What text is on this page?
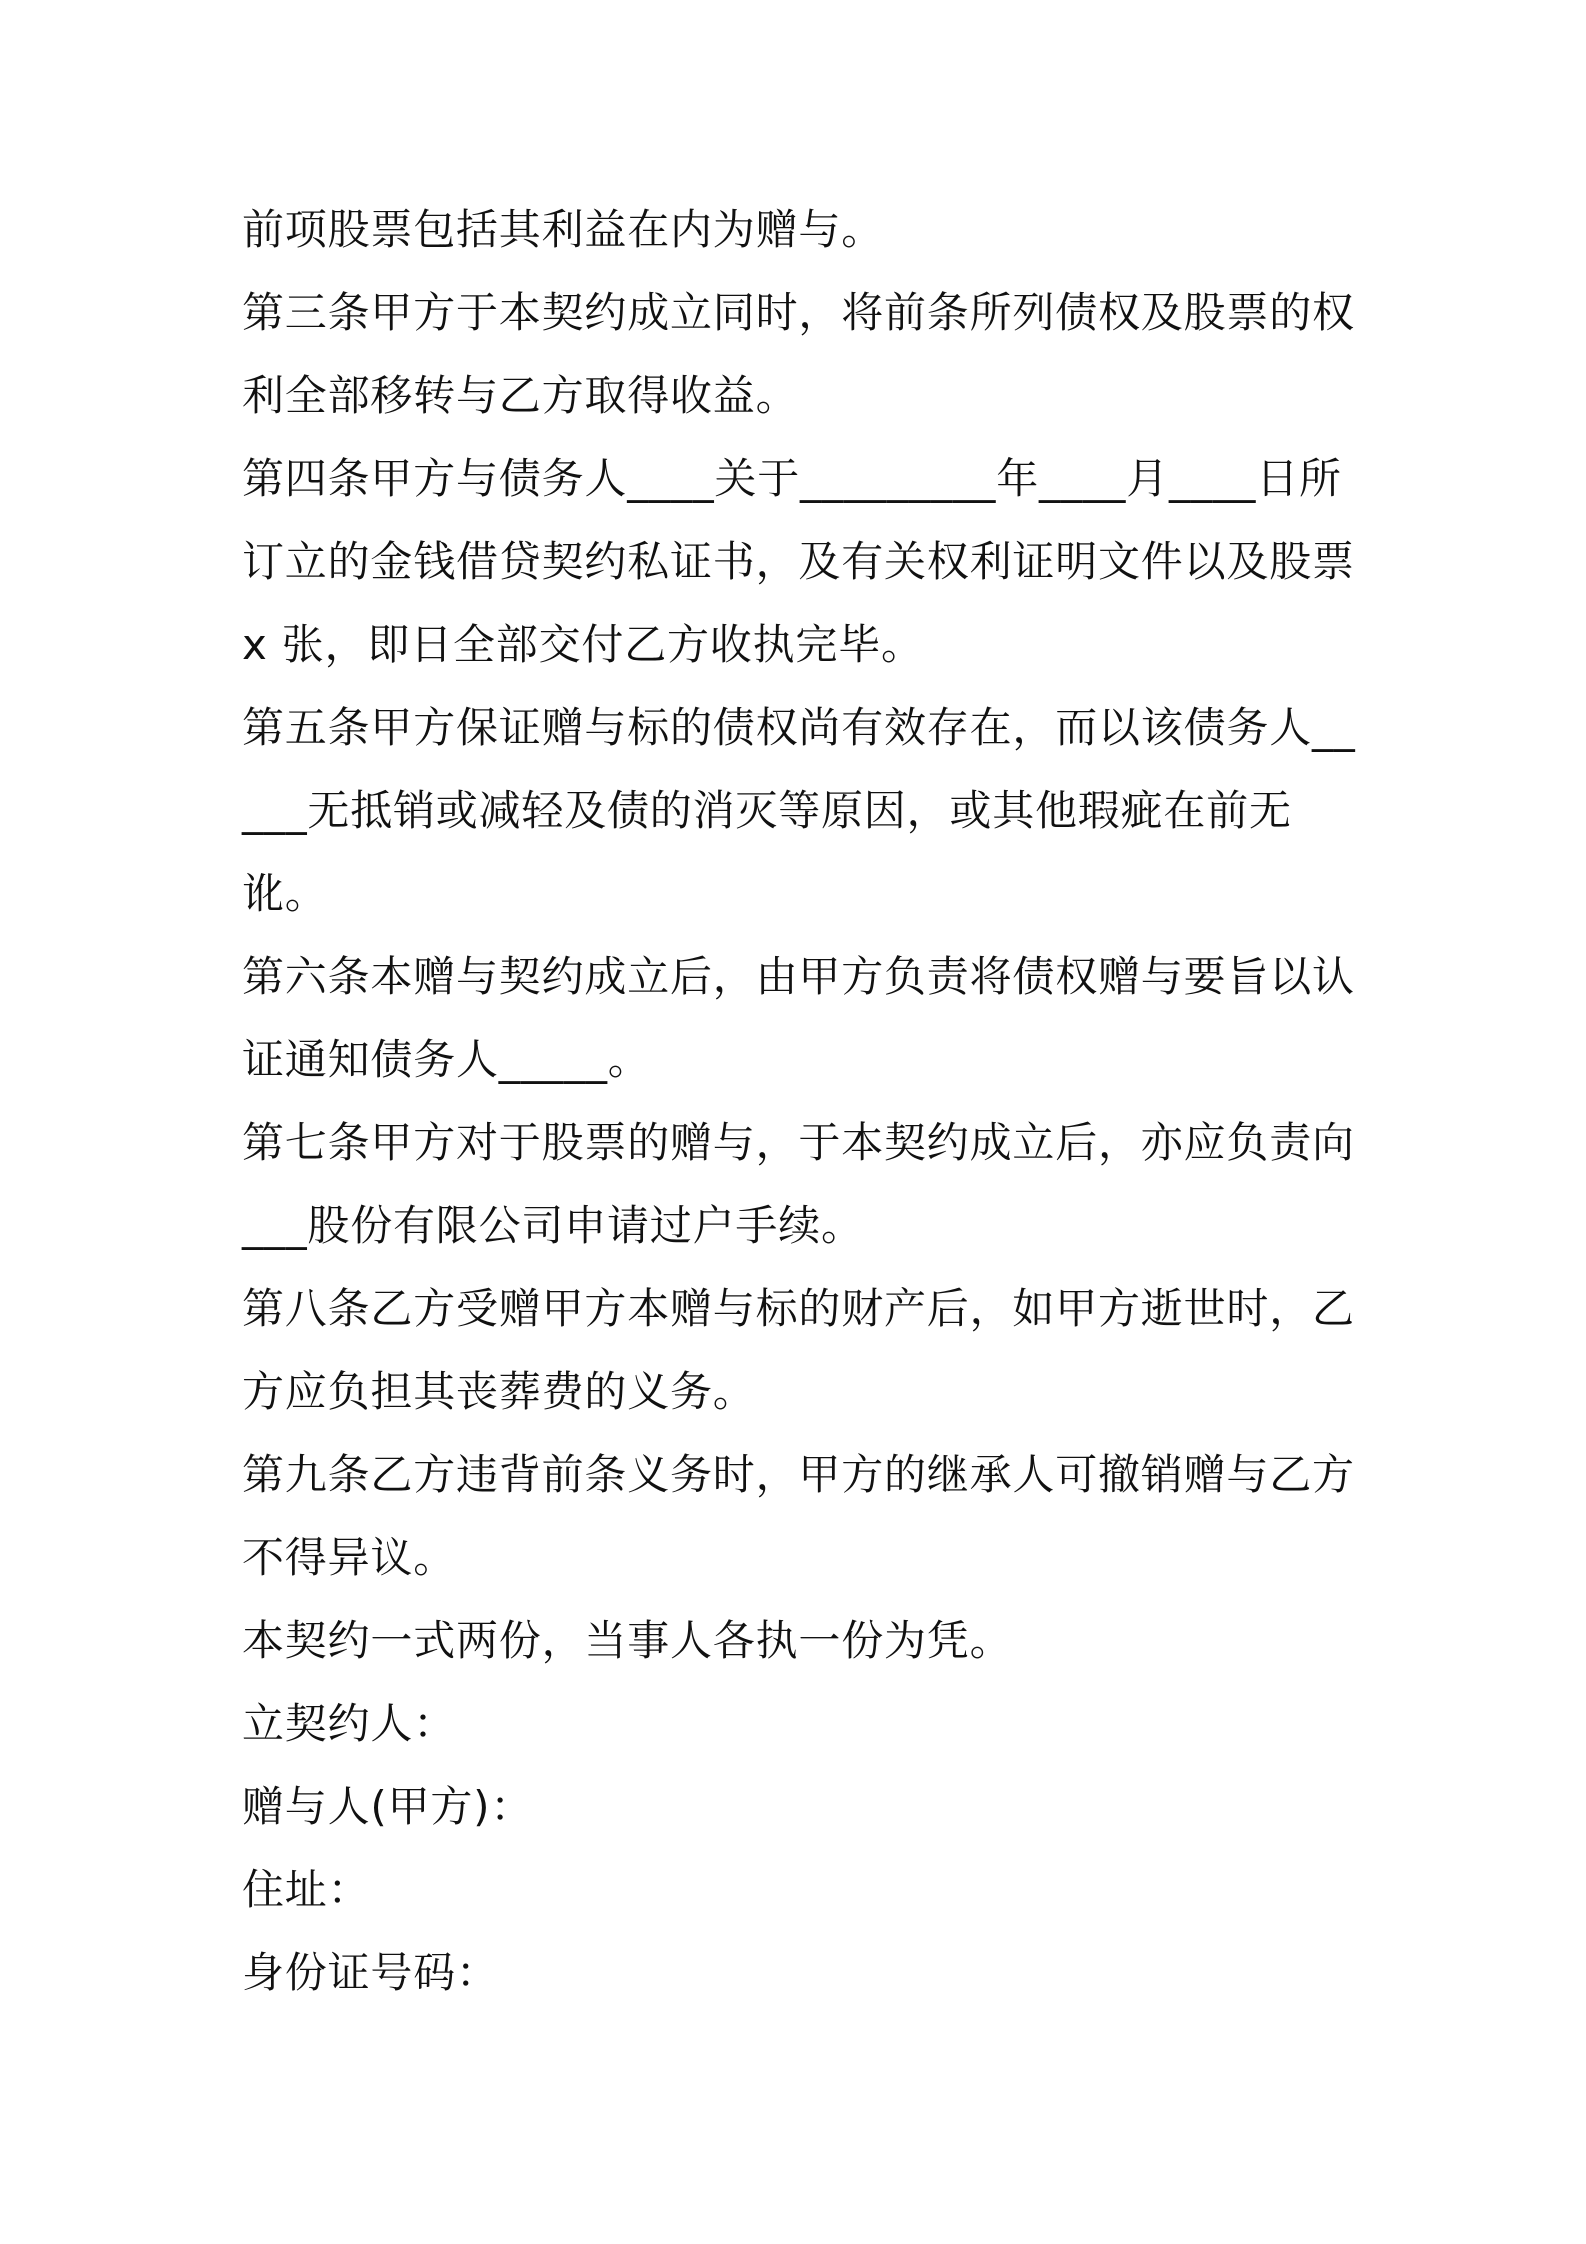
前项股票包括其利益在内为赠与。

第三条甲方于本契约成立同时，将前条所列债权及股票的权利全部移转与乙方取得收益。

第四条甲方与债务人____关于_________年____月____日所订立的金钱借贷契约私证书，及有关权利证明文件以及股票 x 张，即日全部交付乙方收执完毕。

第五条甲方保证赠与标的债权尚有效存在，而以该债务人_____无抵销或减轻及债的消灭等原因，或其他瑕疵在前无讹。

第六条本赠与契约成立后，由甲方负责将债权赠与要旨以认证通知债务人_____。

第七条甲方对于股票的赠与，于本契约成立后，亦应负责向___股份有限公司申请过户手续。

第八条乙方受赠甲方本赠与标的财产后，如甲方逝世时，乙方应负担其丧葬费的义务。

第九条乙方违背前条义务时，甲方的继承人可撤销赠与乙方不得异议。

本契约一式两份，当事人各执一份为凭。

立契约人：

赠与人(甲方)：

住址：

身份证号码：
